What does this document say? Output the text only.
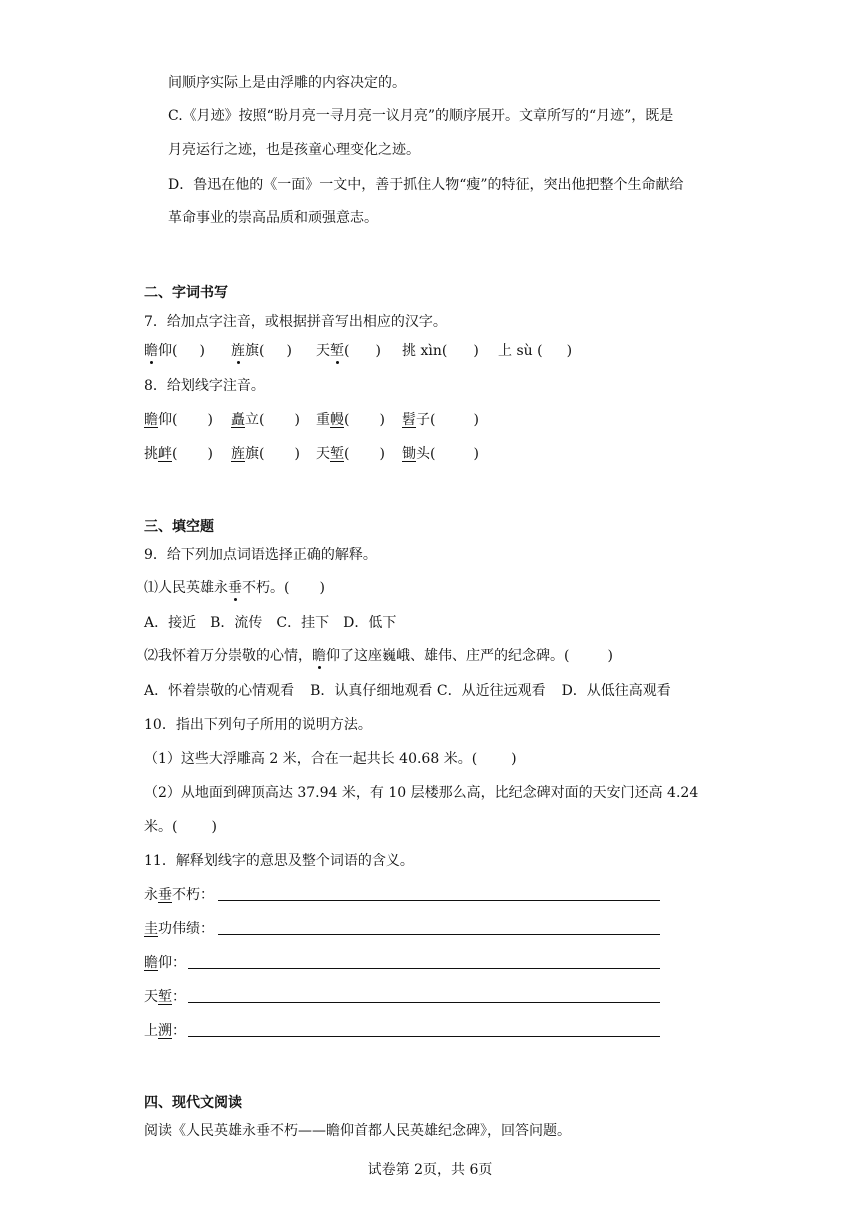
间顺序实际上是由浮雕的内容决定的。
C.《月迹》按照“盼月亮一寻月亮一议月亮”的顺序展开。文章所写的“月迹”，既是
月亮运行之迹，也是孩童心理变化之迹。
D．鲁迅在他的《一面》一文中，善于抓住人物“瘦”的特征，突出他把整个生命献给
革命事业的崇高品质和顽强意志。
二、字词书写
7．给加点字注音，或根据拼音写出相应的汉字。
瞻仰( ) 旌旗( ) 天堑( ) 挑 xìn( ) 上 sù ( )
8．给划线字注音。
瞻仰( ) 矗立( ) 重幔( ) 髫子(	)
挑衅( ) 旌旗( ) 天堑( ) 锄头(	)
三、填空题
9．给下列加点词语选择正确的解释。
⑴人民英雄永垂不朽。( )
A．接近 B．流传 C．挂下 D．低下
⑵我怀着万分崇敬的心情，瞻仰了这座巍峨、雄伟、庄严的纪念碑。(	)
A．怀着崇敬的心情观看 B．认真仔细地观看 C．从近往远观看 D．从低往高观看
10．指出下列句子所用的说明方法。
（1）这些大浮雕高 2 米，合在一起共长 40.68 米。( )
（2）从地面到碑顶高达 37.94 米，有 10 层楼那么高，比纪念碑对面的天安门还高 4.24
米。( )
11．解释划线字的意思及整个词语的含义。
永垂不朽：
圭功伟绩：
瞻仰：
天堑：
上溯：
四、现代文阅读
阅读《人民英雄永垂不朽——瞻仰首都人民英雄纪念碑》，回答问题。
试卷第 2页，共 6页
